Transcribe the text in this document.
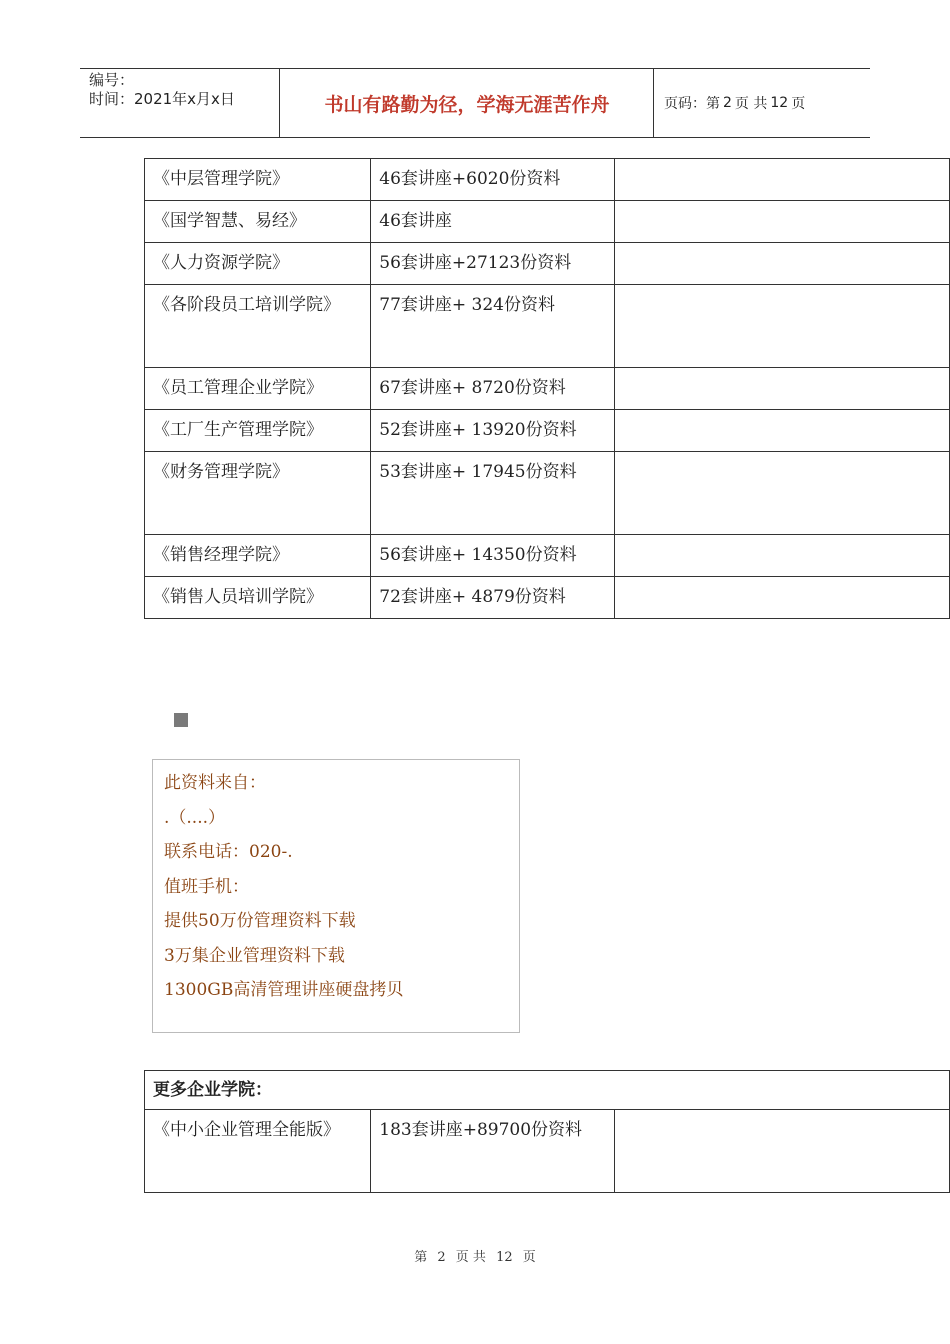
编号：
时间：2021年x月x日	书山有路勤为径，学海无涯苦作舟	页码：第 2 页 共 12 页
《中层管理学院》	46套讲座+6020份资料	
《国学智慧、易经》	46套讲座	
《人力资源学院》	56套讲座+27123份资料	
《各阶段员工培训学院》	77套讲座+ 324份资料	
《员工管理企业学院》	67套讲座+ 8720份资料	
《工厂生产管理学院》	52套讲座+ 13920份资料	
《财务管理学院》	53套讲座+ 17945份资料	
《销售经理学院》	56套讲座+ 14350份资料	
《销售人员培训学院》	72套讲座+ 4879份资料	
此资料来自：
.（....）
联系电话：020-.
值班手机：
提供50万份管理资料下载
3万集企业管理资料下载
1300GB高清管理讲座硬盘拷贝
更多企业学院：
《中小企业管理全能版》	183套讲座+89700份资料	
第 2 页 共 12 页
